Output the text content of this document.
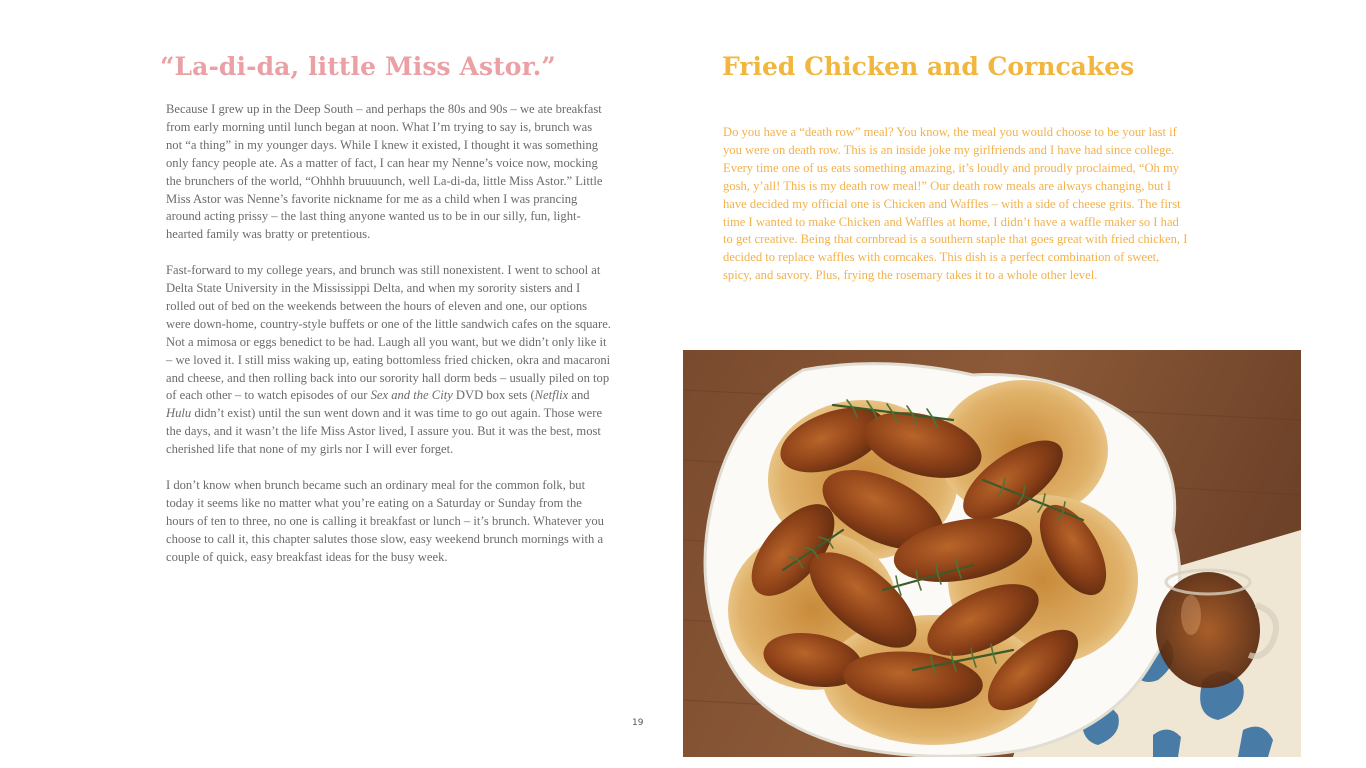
“La-di-da, little Miss Astor.”

Because I grew up in the Deep South – and perhaps the 80s and 90s – we ate breakfast from early morning until lunch began at noon. What I’m trying to say is, brunch was not “a thing” in my younger days. While I knew it existed, I thought it was something only fancy people ate. As a matter of fact, I can hear my Nenne’s voice now, mocking the brunchers of the world, “Ohhhh bruuuunch, well La-di-da, little Miss Astor.” Little Miss Astor was Nenne’s favorite nickname for me as a child when I was prancing around acting prissy – the last thing anyone wanted us to be in our silly, fun, light-hearted family was bratty or pretentious.

Fast-forward to my college years, and brunch was still nonexistent. I went to school at Delta State University in the Mississippi Delta, and when my sorority sisters and I rolled out of bed on the weekends between the hours of eleven and one, our options were down-home, country-style buffets or one of the little sandwich cafes on the square. Not a mimosa or eggs benedict to be had. Laugh all you want, but we didn’t only like it – we loved it. I still miss waking up, eating bottomless fried chicken, okra and macaroni and cheese, and then rolling back into our sorority hall dorm beds – usually piled on top of each other – to watch episodes of our Sex and the City DVD box sets (Netflix and Hulu didn’t exist) until the sun went down and it was time to go out again. Those were the days, and it wasn’t the life Miss Astor lived, I assure you. But it was the best, most cherished life that none of my girls nor I will ever forget.

I don’t know when brunch became such an ordinary meal for the common folk, but today it seems like no matter what you’re eating on a Saturday or Sunday from the hours of ten to three, no one is calling it breakfast or lunch – it’s brunch. Whatever you choose to call it, this chapter salutes those slow, easy weekend brunch mornings with a couple of quick, easy breakfast ideas for the busy week.

19
Fried Chicken and Corncakes

Do you have a “death row” meal? You know, the meal you would choose to be your last if you were on death row. This is an inside joke my girlfriends and I have had since college. Every time one of us eats something amazing, it’s loudly and proudly proclaimed, “Oh my gosh, y’all! This is my death row meal!” Our death row meals are always changing, but I have decided my official one is Chicken and Waffles – with a side of cheese grits. The first time I wanted to make Chicken and Waffles at home, I didn’t have a waffle maker so I had to get creative. Being that cornbread is a southern staple that goes great with fried chicken, I decided to replace waffles with corncakes. This dish is a perfect combination of sweet, spicy, and savory. Plus, frying the rosemary takes it to a whole other level.
